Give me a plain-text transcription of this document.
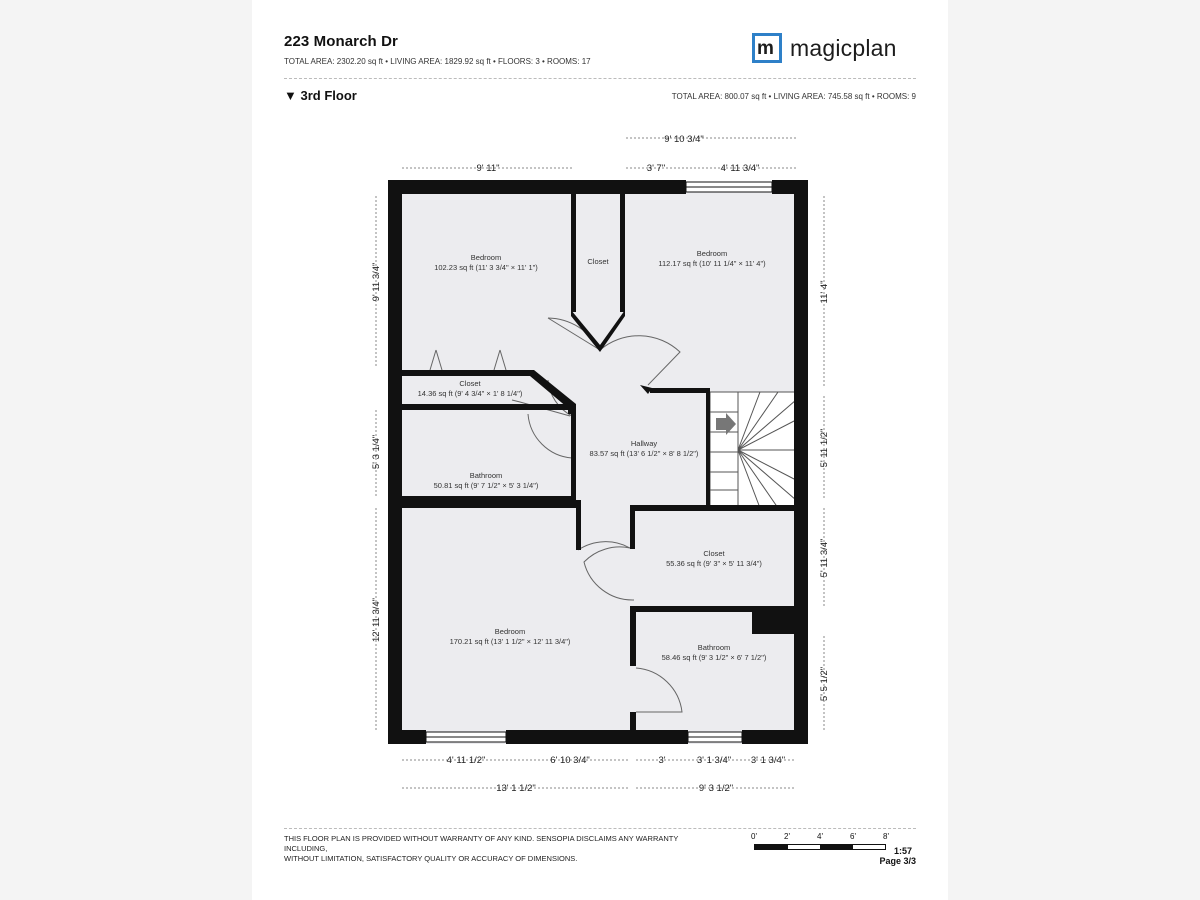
223 Monarch Dr
TOTAL AREA: 2302.20 sq ft • LIVING AREA: 1829.92 sq ft • FLOORS: 3 • ROOMS: 17
m magicplan
▼ 3rd Floor	TOTAL AREA: 800.07 sq ft • LIVING AREA: 745.58 sq ft • ROOMS: 9
9' 10 3/4"
9' 11"	3' 7"	4' 11 3/4"
4' 11 1/2"	6' 10 3/4"	3'	3' 1 3/4" 3' 1 3/4"
13' 1 1/2"	9' 3 1/2"
9' 11 3/4"
5' 3 1/4"
12' 11 3/4"
11' 4"
5' 11 1/2"
5' 11 3/4"
5' 5 1/2"
Bedroom
102.23 sq ft (11' 3 3/4" × 11' 1")
Closet
Bedroom
112.17 sq ft (10' 11 1/4" × 11' 4")
Closet
14.36 sq ft (9' 4 3/4" × 1' 8 1/4")
Hallway
83.57 sq ft (13' 6 1/2" × 8' 8 1/2")
Bathroom
50.81 sq ft (9' 7 1/2" × 5' 3 1/4")
Closet
55.36 sq ft (9' 3" × 5' 11 3/4")
Bedroom
170.21 sq ft (13' 1 1/2" × 12' 11 3/4")
Bathroom
58.46 sq ft (9' 3 1/2" × 6' 7 1/2")
THIS FLOOR PLAN IS PROVIDED WITHOUT WARRANTY OF ANY KIND. SENSOPIA DISCLAIMS ANY WARRANTY INCLUDING,
WITHOUT LIMITATION, SATISFACTORY QUALITY OR ACCURACY OF DIMENSIONS.
0'	2'	4'	6'	8'
1:57
Page 3/3
